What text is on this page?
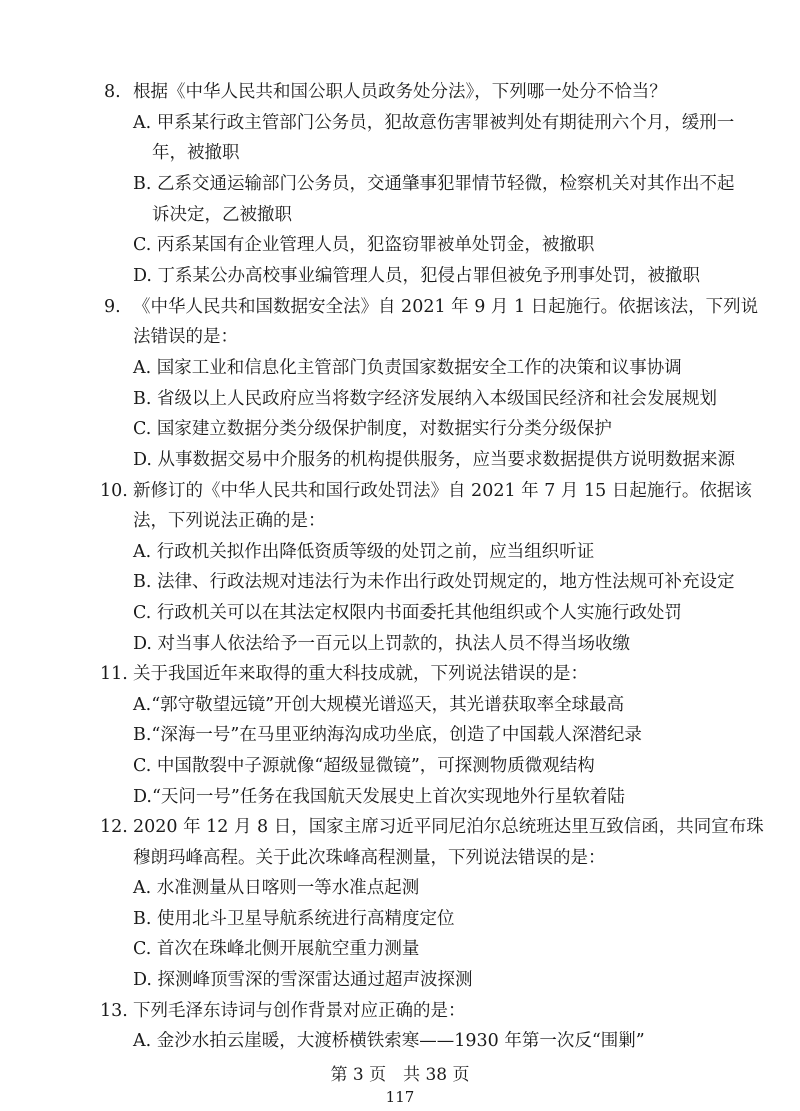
8. 根据《中华人民共和国公职人员政务处分法》，下列哪一处分不恰当？
A. 甲系某行政主管部门公务员，犯故意伤害罪被判处有期徒刑六个月，缓刑一
年，被撤职
B. 乙系交通运输部门公务员，交通肇事犯罪情节轻微，检察机关对其作出不起
诉决定，乙被撤职
C. 丙系某国有企业管理人员，犯盗窃罪被单处罚金，被撤职
D. 丁系某公办高校事业编管理人员，犯侵占罪但被免予刑事处罚，被撤职
9. 《中华人民共和国数据安全法》自 2021 年 9 月 1 日起施行。依据该法，下列说
法错误的是：
A. 国家工业和信息化主管部门负责国家数据安全工作的决策和议事协调
B. 省级以上人民政府应当将数字经济发展纳入本级国民经济和社会发展规划
C. 国家建立数据分类分级保护制度，对数据实行分类分级保护
D. 从事数据交易中介服务的机构提供服务，应当要求数据提供方说明数据来源
10. 新修订的《中华人民共和国行政处罚法》自 2021 年 7 月 15 日起施行。依据该
法，下列说法正确的是：
A. 行政机关拟作出降低资质等级的处罚之前，应当组织听证
B. 法律、行政法规对违法行为未作出行政处罚规定的，地方性法规可补充设定
C. 行政机关可以在其法定权限内书面委托其他组织或个人实施行政处罚
D. 对当事人依法给予一百元以上罚款的，执法人员不得当场收缴
11. 关于我国近年来取得的重大科技成就，下列说法错误的是：
A.“郭守敬望远镜”开创大规模光谱巡天，其光谱获取率全球最高
B.“深海一号”在马里亚纳海沟成功坐底，创造了中国载人深潜纪录
C. 中国散裂中子源就像“超级显微镜”，可探测物质微观结构
D.“天问一号”任务在我国航天发展史上首次实现地外行星软着陆
12. 2020 年 12 月 8 日，国家主席习近平同尼泊尔总统班达里互致信函，共同宣布珠
穆朗玛峰高程。关于此次珠峰高程测量，下列说法错误的是：
A. 水准测量从日喀则一等水准点起测
B. 使用北斗卫星导航系统进行高精度定位
C. 首次在珠峰北侧开展航空重力测量
D. 探测峰顶雪深的雪深雷达通过超声波探测
13. 下列毛泽东诗词与创作背景对应正确的是：
A. 金沙水拍云崖暖，大渡桥横铁索寒——1930 年第一次反“围剿”
第 3 页　共 38 页
117
